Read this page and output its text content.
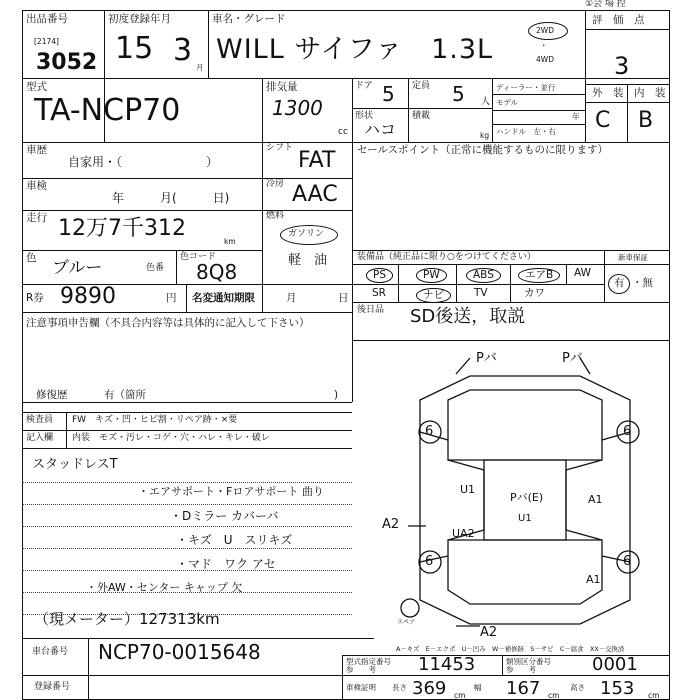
①会 場 控
出品番号
[2174]
3052
初度登録年月
15 3 月
車名・グレード
WILL サイファ　1.3L
2WD
・
4WD
評　価　点
3
外　装 内　装
C B
型式
TA-NCP70
排気量
1300
cc
ドア 5 定員 5 人
形状
ハコ
積載
kg
ディーラー・並行
モデル
年
ハンドル　左・右
車歴
自家用・（　　　　　　　）
車検
年　　　月(　　　日)
走行 12万7千312
km
色 ブルー	色番
色コード
8Q8
R券 9890	円 名変通知期限	月	日
シフト FAT
冷房 AAC
燃料
ガソリン
軽　油
セールスポイント（正常に機能するものに限ります）
装備品（純正品に限り○をつけてください）	新車保証
PS	PW	ABS	エアB	AW
SR	ナビ	TV	カワ
有 ・無
後日品 SD後送，取説
注意事項申告欄（不具合内容等は具体的に記入して下さい）
修復歴	有（箇所	)
検査員
記入欄
FW　キズ・凹・ヒビ割・リペア跡・×要
内装　モズ・汚レ・コゲ・穴・ハレ・キレ・破レ
スタッドレスT
・エアサポート・Fロアサポート 曲り
・Dミラー カバーバ
・キズ　U　スリキズ
・マド　ワク アセ
・外AW・センター キャップ 欠
（現メーター）127313km
6	6
6	6
スペア
Pバ	Pバ
U1
UA2
Pバ(E)	A1
U1
A2
A1
A2
A－キズ　E－エクボ　U－凹み　W－補修跡　S－サビ　C－腐食　XX－交換済
車台番号 NCP70-0015648
登録番号
型式指定番号
参　　考 11453	類別区分番号
参　　考	0001
車検証明 長さ 369 cm
幅 167 cm
高さ 153 cm
